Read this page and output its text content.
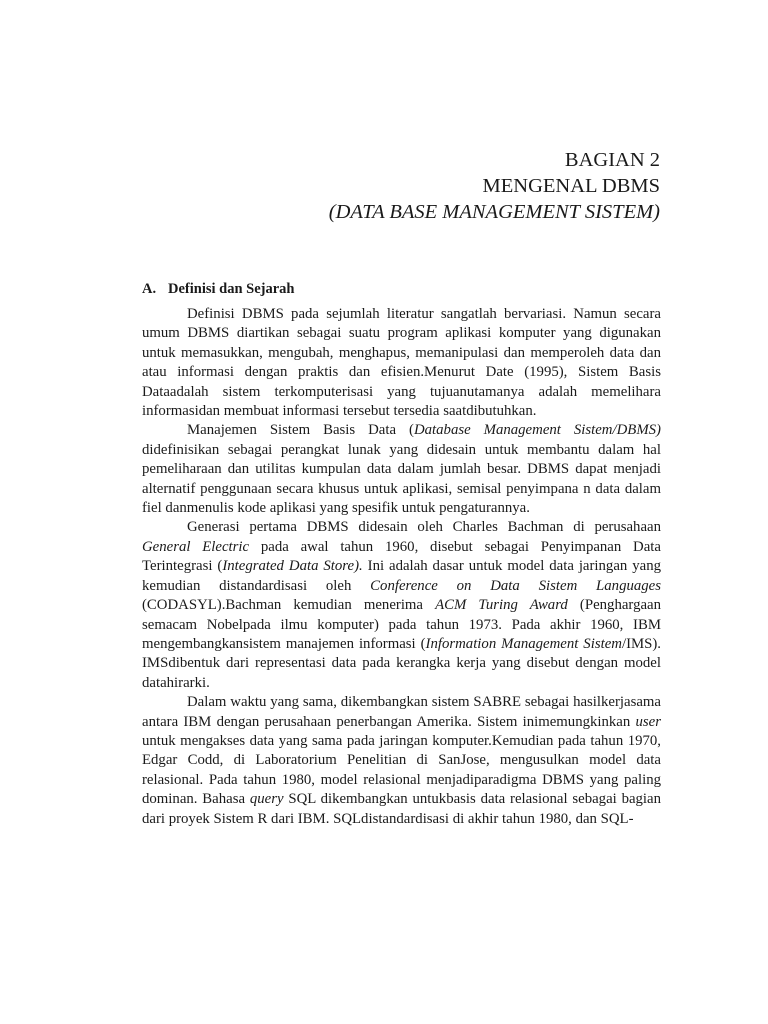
BAGIAN 2
MENGENAL DBMS
(DATA BASE MANAGEMENT SISTEM)
A. Definisi dan Sejarah

Definisi DBMS pada sejumlah literatur sangatlah bervariasi. Namun secara umum DBMS diartikan sebagai suatu program aplikasi komputer yang digunakan untuk memasukkan, mengubah, menghapus, memanipulasi dan memperoleh data dan atau informasi dengan praktis dan efisien.Menurut Date (1995), Sistem Basis Dataadalah sistem terkomputerisasi yang tujuanutamanya adalah memelihara informasidan membuat informasi tersebut tersedia saatdibutuhkan.

Manajemen Sistem Basis Data (Database Management Sistem/DBMS) didefinisikan sebagai perangkat lunak yang didesain untuk membantu dalam hal pemeliharaan dan utilitas kumpulan data dalam jumlah besar. DBMS dapat menjadi alternatif penggunaan secara khusus untuk aplikasi, semisal penyimpana n data dalam fiel danmenulis kode aplikasi yang spesifik untuk pengaturannya.

Generasi pertama DBMS didesain oleh Charles Bachman di perusahaan General Electric pada awal tahun 1960, disebut sebagai Penyimpanan Data Terintegrasi (Integrated Data Store). Ini adalah dasar untuk model data jaringan yang kemudian distandardisasi oleh Conference on Data Sistem Languages (CODASYL).Bachman kemudian menerima ACM Turing Award (Penghargaan semacam Nobelpada ilmu komputer) pada tahun 1973. Pada akhir 1960, IBM mengembangkansistem manajemen informasi (Information Management Sistem/IMS). IMSdibentuk dari representasi data pada kerangka kerja yang disebut dengan model datahirarki.

Dalam waktu yang sama, dikembangkan sistem SABRE sebagai hasilkerjasama antara IBM dengan perusahaan penerbangan Amerika. Sistem inimemungkinkan user untuk mengakses data yang sama pada jaringan komputer.Kemudian pada tahun 1970, Edgar Codd, di Laboratorium Penelitian di SanJose, mengusulkan model data relasional. Pada tahun 1980, model relasional menjadiparadigma DBMS yang paling dominan. Bahasa query SQL dikembangkan untukbasis data relasional sebagai bagian dari proyek Sistem R dari IBM. SQLdistandardisasi di akhir tahun 1980, dan SQL-
